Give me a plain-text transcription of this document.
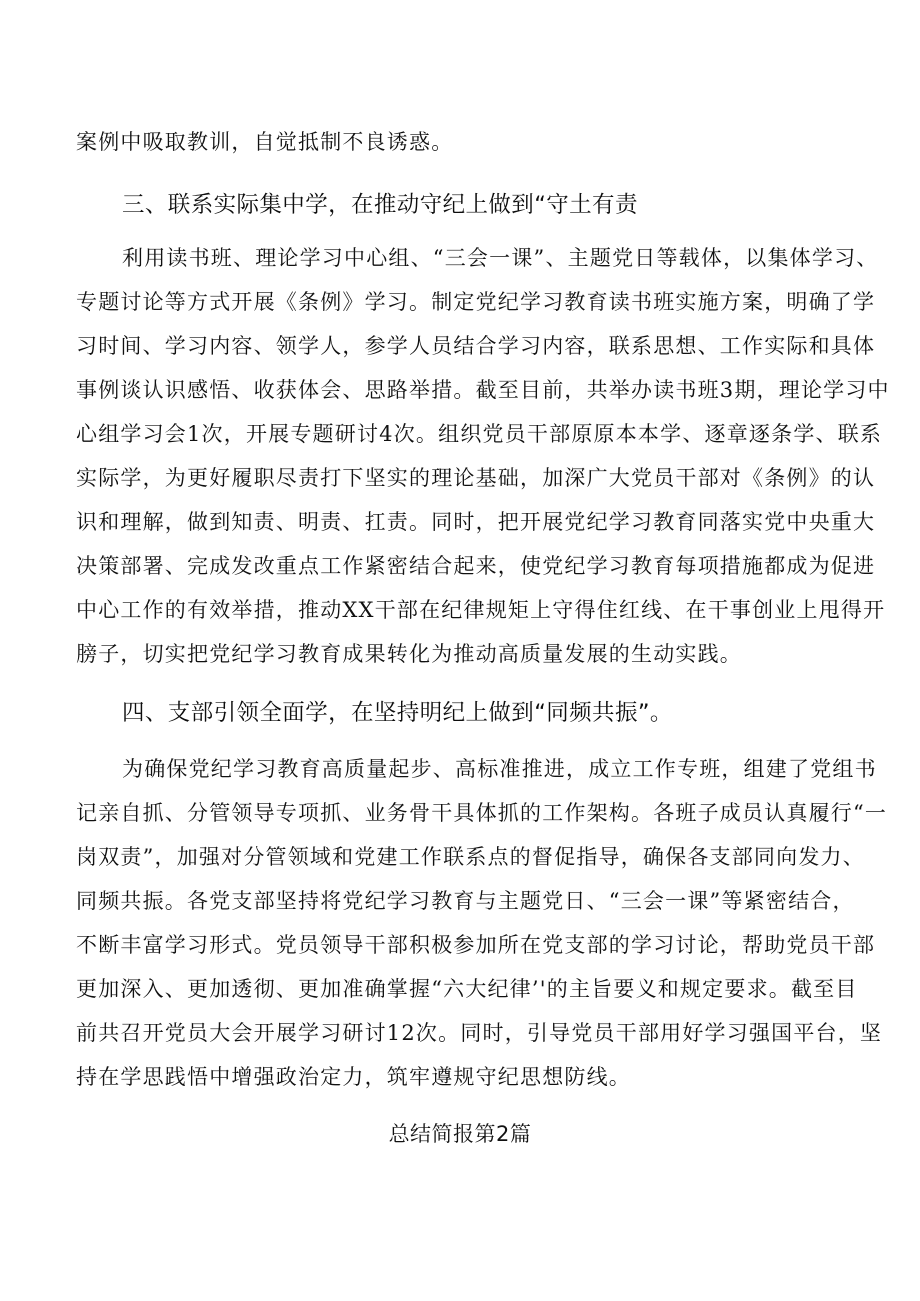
案例中吸取教训，自觉抵制不良诱惑。
三、联系实际集中学，在推动守纪上做到“守土有责
利用读书班、理论学习中心组、“三会一课”、主题党日等载体，以集体学习、
专题讨论等方式开展《条例》学习。制定党纪学习教育读书班实施方案，明确了学
习时间、学习内容、领学人，参学人员结合学习内容，联系思想、工作实际和具体
事例谈认识感悟、收获体会、思路举措。截至目前，共举办读书班3期，理论学习中
心组学习会1次，开展专题研讨4次。组织党员干部原原本本学、逐章逐条学、联系
实际学，为更好履职尽责打下坚实的理论基础，加深广大党员干部对《条例》的认
识和理解，做到知责、明责、扛责。同时，把开展党纪学习教育同落实党中央重大
决策部署、完成发改重点工作紧密结合起来，使党纪学习教育每项措施都成为促进
中心工作的有效举措，推动XX干部在纪律规矩上守得住红线、在干事创业上甩得开
膀子，切实把党纪学习教育成果转化为推动高质量发展的生动实践。
四、支部引领全面学，在坚持明纪上做到“同频共振”。
为确保党纪学习教育高质量起步、高标准推进，成立工作专班，组建了党组书
记亲自抓、分管领导专项抓、业务骨干具体抓的工作架构。各班子成员认真履行“一
岗双责”，加强对分管领域和党建工作联系点的督促指导，确保各支部同向发力、
同频共振。各党支部坚持将党纪学习教育与主题党日、“三会一课”等紧密结合，
不断丰富学习形式。党员领导干部积极参加所在党支部的学习讨论，帮助党员干部
更加深入、更加透彻、更加准确掌握“六大纪律’'的主旨要义和规定要求。截至目
前共召开党员大会开展学习研讨12次。同时，引导党员干部用好学习强国平台，坚
持在学思践悟中增强政治定力，筑牢遵规守纪思想防线。
总结简报第2篇
